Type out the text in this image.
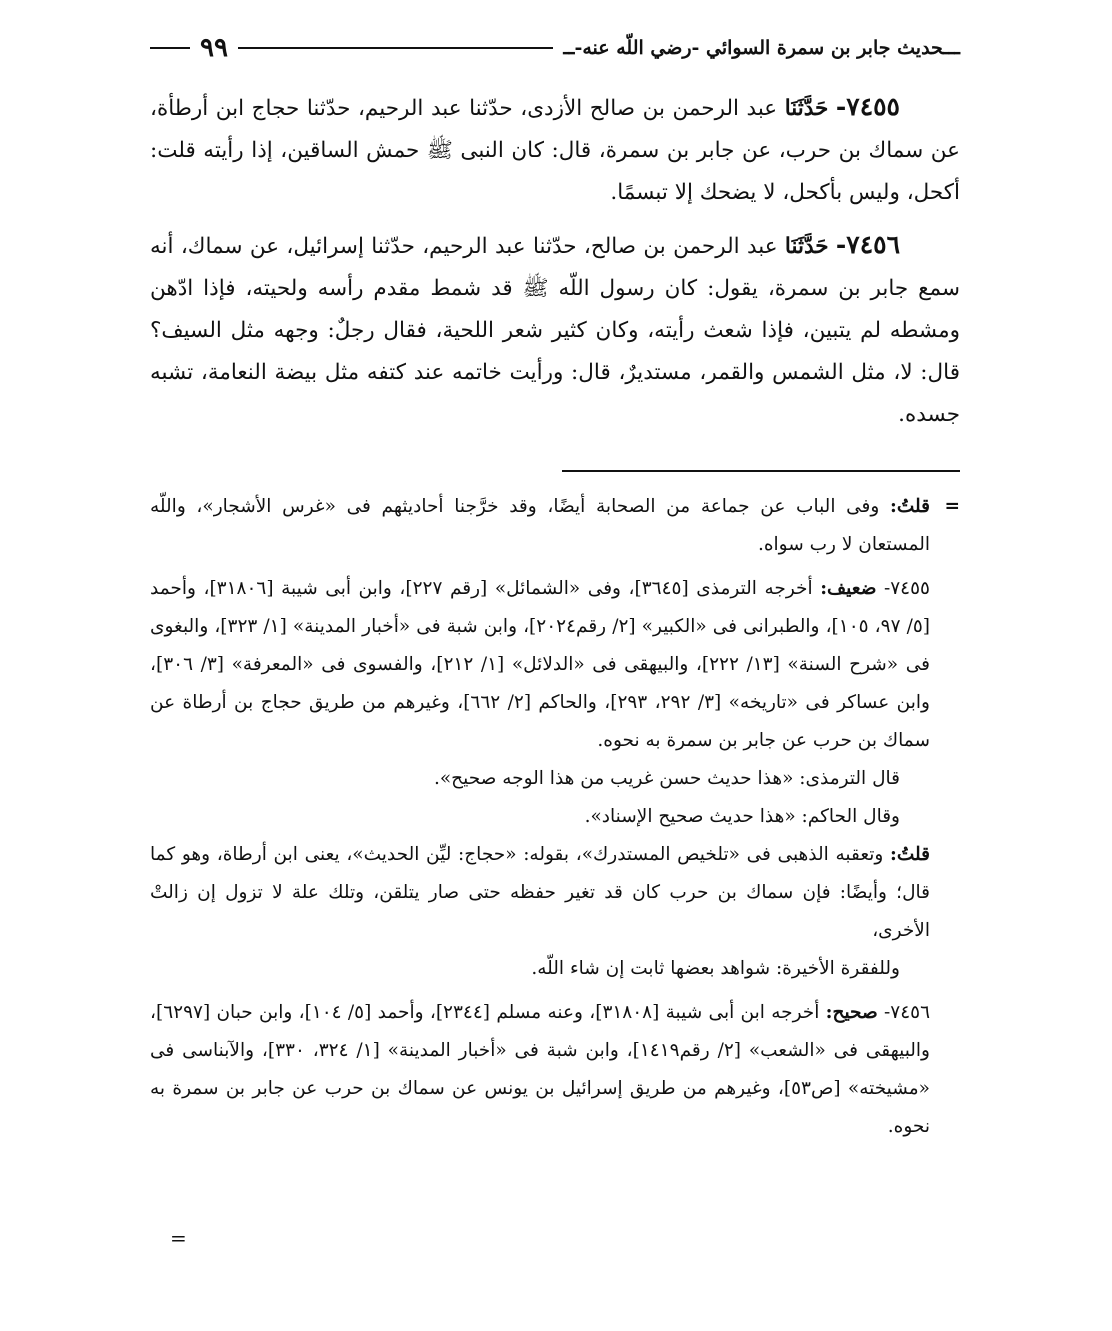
ـــحديث جابر بن سمرة السوائي -رضي اللّه عنه-ــ
٩٩

٧٤٥٥- حَدَّثَنَا عبد الرحمن بن صالح الأزدى، حدّثنا عبد الرحيم، حدّثنا حجاج ابن أرطأة، عن سماك بن حرب، عن جابر بن سمرة، قال: كان النبى ﷺ حمش الساقين، إذا رأيته قلت: أكحل، وليس بأكحل، لا يضحك إلا تبسمًا.

٧٤٥٦- حَدَّثَنَا عبد الرحمن بن صالح، حدّثنا عبد الرحيم، حدّثنا إسرائيل، عن سماك، أنه سمع جابر بن سمرة، يقول: كان رسول اللّه ﷺ قد شمط مقدم رأسه ولحيته، فإذا ادّهن ومشطه لم يتبين، فإذا شعث رأيته، وكان كثير شعر اللحية، فقال رجلٌ: وجهه مثل السيف؟ قال: لا، مثل الشمس والقمر، مستديرٌ، قال: ورأيت خاتمه عند كتفه مثل بيضة النعامة، تشبه جسده.

=
قلتُ: وفى الباب عن جماعة من الصحابة أيضًا، وقد خرَّجنا أحاديثهم فى «غرس الأشجار»، واللّه المستعان لا رب سواه.
٧٤٥٥- ضعيف: أخرجه الترمذى [٣٦٤٥]، وفى «الشمائل» [رقم ٢٢٧]، وابن أبى شيبة [٣١٨٠٦]، وأحمد [٥/ ٩٧، ١٠٥]، والطبرانى فى «الكبير» [٢/ رقم٢٠٢٤]، وابن شبة فى «أخبار المدينة» [١/ ٣٢٣]، والبغوى فى «شرح السنة» [١٣/ ٢٢٢]، والبيهقى فى «الدلائل» [١/ ٢١٢]، والفسوى فى «المعرفة» [٣/ ٣٠٦]، وابن عساكر فى «تاريخه» [٣/ ٢٩٢، ٢٩٣]، والحاكم [٢/ ٦٦٢]، وغيرهم من طريق حجاج بن أرطاة عن سماك بن حرب عن جابر بن سمرة به نحوه.

قال الترمذى: «هذا حديث حسن غريب من هذا الوجه صحيح».

وقال الحاكم: «هذا حديث صحيح الإسناد».

قلتُ: وتعقبه الذهبى فى «تلخيص المستدرك»، بقوله: «حجاج: ليِّن الحديث»، يعنى ابن أرطاة، وهو كما قال؛ وأيضًا: فإن سماك بن حرب كان قد تغير حفظه حتى صار يتلقن، وتلك علة لا تزول إن زالتْ الأخرى،

وللفقرة الأخيرة: شواهد بعضها ثابت إن شاء اللّه.

٧٤٥٦- صحيح: أخرجه ابن أبى شيبة [٣١٨٠٨]، وعنه مسلم [٢٣٤٤]، وأحمد [٥/ ١٠٤]، وابن حبان [٦٢٩٧]، والبيهقى فى «الشعب» [٢/ رقم١٤١٩]، وابن شبة فى «أخبار المدينة» [١/ ٣٢٤، ٣٣٠]، والآبناسى فى «مشيخته» [ص٥٣]، وغيرهم من طريق إسرائيل بن يونس عن سماك بن حرب عن جابر بن سمرة به نحوه.
=
